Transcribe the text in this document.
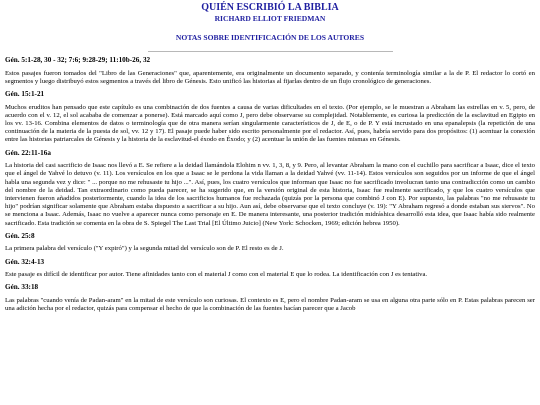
QUIÉN ESCRIBIÓ LA BIBLIA
RICHARD ELLIOT FRIEDMAN
NOTAS SOBRE IDENTIFICACIÓN DE LOS AUTORES
Gén. 5:1-28, 30 - 32; 7:6; 9:28-29; 11:10b-26, 32

Estos pasajes fueron tomados del "Libro de las Generaciones" que, aparentemente, era originalmente un documento separado, y contenía terminología similar a la de P. El redactor lo cortó en segmentos y luego distribuyó estos segmentos a través del libro de Génesis. Esto unificó las historias al fijarlas dentro de un flujo cronológico de generaciones.

Gén. 15:1-21

Muchos eruditos han pensado que este capítulo es una combinación de dos fuentes a causa de varias dificultades en el texto. (Por ejemplo, se le muestran a Abraham las estrellas en v. 5, pero, de acuerdo con el v. 12, el sol acababa de comenzar a ponerse). Está marcado aquí como J, pero debe observarse su complejidad. Notablemente, es curiosa la predicción de la esclavitud en Egipto en los vv. 13-16. Combina elementos de datos o terminología que de otra manera serían singularmente característicos de J, de E, o de P. Y está incrustado en una epanalepsis (la repetición de una continuación de la materia de la puesta de sol, vv. 12 y 17). El pasaje puede haber sido escrito personalmente por el redactor. Así, pues, habría servido para dos propósitos: (1) acentuar la conexión entre las historias patriarcales de Génesis y la historia de la esclavitud-el éxodo en Éxodo; y (2) acentuar la unión de las fuentes mismas en Génesis.

Gén. 22:11-16a

La historia del casi sacrificio de Isaac nos llevó a E. Se refiere a la deidad llamándola Elohim n vv. 1, 3, 8, y 9. Pero, al levantar Abraham la mano con el cuchillo para sacrificar a Isaac, dice el texto que el ángel de Yahvé lo detuvo (v. 11). Los versículos en los que a Isaac se le perdona la vida llaman a la deidad Yahvé (vv. 11-14). Estos versículos son seguidos por un informe de que el ángel habla una segunda vez y dice: " ... porque no me rehusaste tu hijo ...". Así, pues, los cuatro versículos que informan que Isaac no fue sacrificado involucran tanto una contradicción como un cambio del nombre de la deidad. Tan extraordinario como pueda parecer, se ha sugerido que, en la versión original de esta historia, Isaac fue realmente sacrificado, y que los cuatro versículos que intervienen fueron añadidos posteriormente, cuando la idea de los sacrificios humanos fue rechazada (quizás por la persona que combinó J con E). Por supuesto, las palabras "no me rehusaste tu hijo" podrían significar solamente que Abraham estaba dispuesto a sacrificar a su hijo. Aun así, debe observarse que el texto concluye (v. 19): "Y Abraham regresó a donde estaban sus siervos". No se menciona a Isaac. Además, Isaac no vuelve a aparecer nunca como personaje en E. De manera interesante, una posterior tradición midráshica desarrolló esta idea, que Isaac había sido realmente sacrificado. Esta tradición se comenta en la obra de S. Spiegel The Last Trial [El Último Juicio] (New York: Schocken, 1969; edición hebrea 1950).

Gén. 25:8

La primera palabra del versículo ("Y expiró") y la segunda mitad del versículo son de P. El resto es de J.

Gén. 32:4-13

Este pasaje es difícil de identificar por autor. Tiene afinidades tanto con el material J como con el material E que lo rodea. La identificación con J es tentativa.

Gén. 33:18

Las palabras "cuando venía de Padan-aram" en la mitad de este versículo son curiosas. El contexto es E, pero el nombre Padan-aram se usa en alguna otra parte sólo en P. Estas palabras parecen ser una adición hecha por el redactor, quizás para compensar el hecho de que la combinación de las fuentes hacían parecer que a Jacob
